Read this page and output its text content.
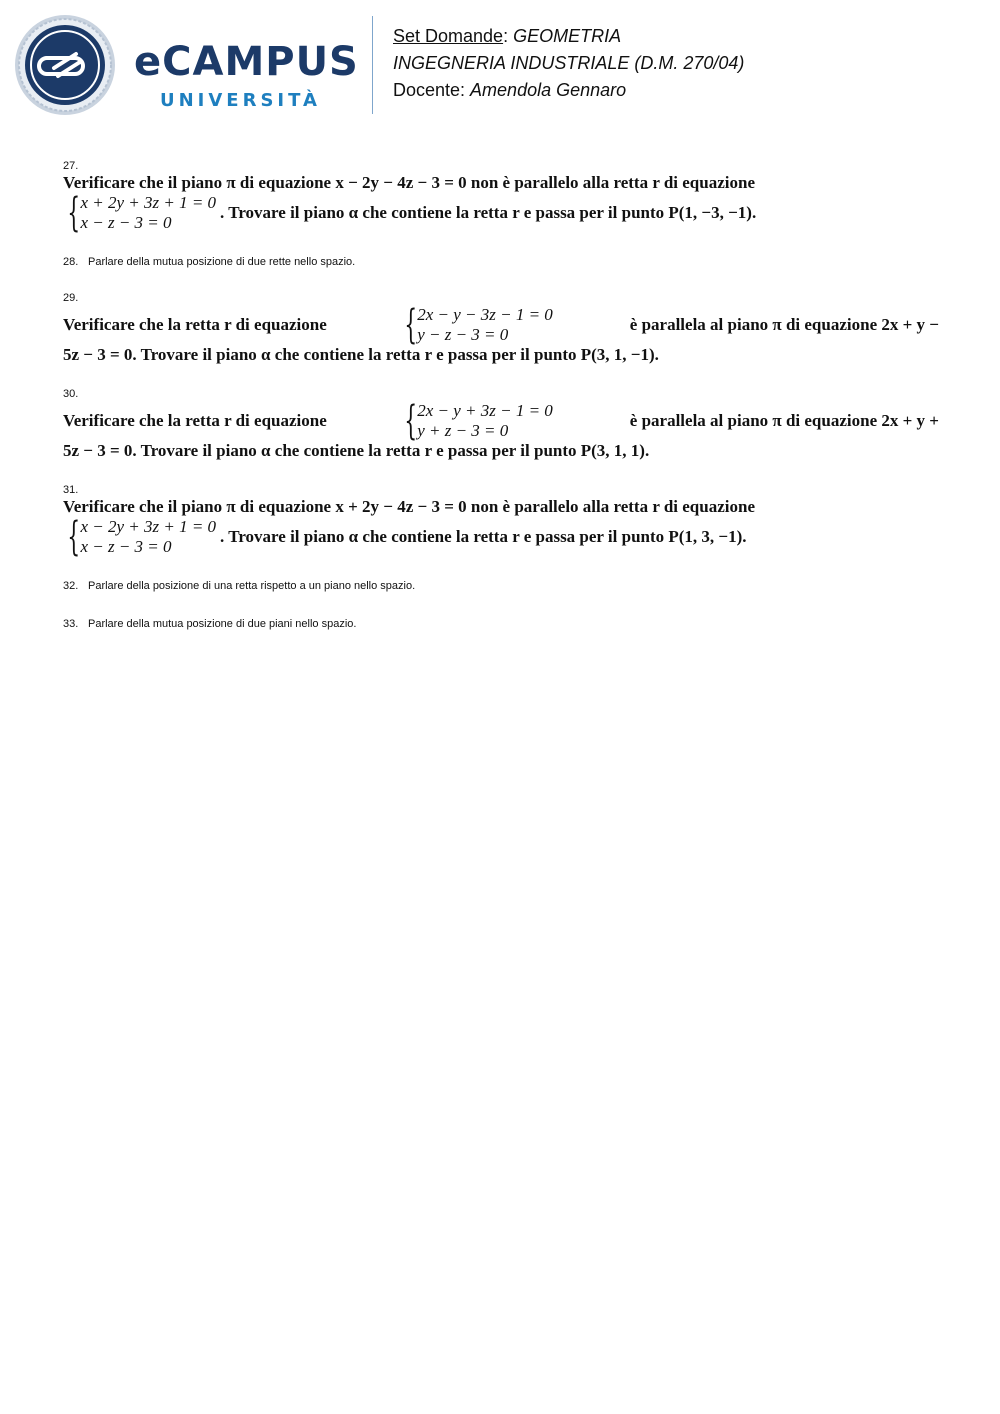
eCAMPUS
UNIVERSITÀ
Set Domande: GEOMETRIA
INGEGNERIA INDUSTRIALE (D.M. 270/04)
Docente: Amendola Gennaro
27.
Verificare che il piano π di equazione x − 2y − 4z − 3 = 0 non è parallelo alla retta r di equazione
{ x + 2y + 3z + 1 = 0
x − z − 3 = 0
. Trovare il piano α che contiene la retta r e passa per il punto P(1, −3, −1).
28. Parlare della mutua posizione di due rette nello spazio.
29.
Verificare che la retta r di equazione { 2x − y − 3z − 1 = 0
y − z − 3 = 0
è parallela al piano π di equazione 2x + y −
5z − 3 = 0. Trovare il piano α che contiene la retta r e passa per il punto P(3, 1, −1).
30.
Verificare che la retta r di equazione { 2x − y + 3z − 1 = 0
y + z − 3 = 0
è parallela al piano π di equazione 2x + y +
5z − 3 = 0. Trovare il piano α che contiene la retta r e passa per il punto P(3, 1, 1).
31.
Verificare che il piano π di equazione x + 2y − 4z − 3 = 0 non è parallelo alla retta r di equazione
{ x − 2y + 3z + 1 = 0
x − z − 3 = 0
. Trovare il piano α che contiene la retta r e passa per il punto P(1, 3, −1).
32. Parlare della posizione di una retta rispetto a un piano nello spazio.
33. Parlare della mutua posizione di due piani nello spazio.
